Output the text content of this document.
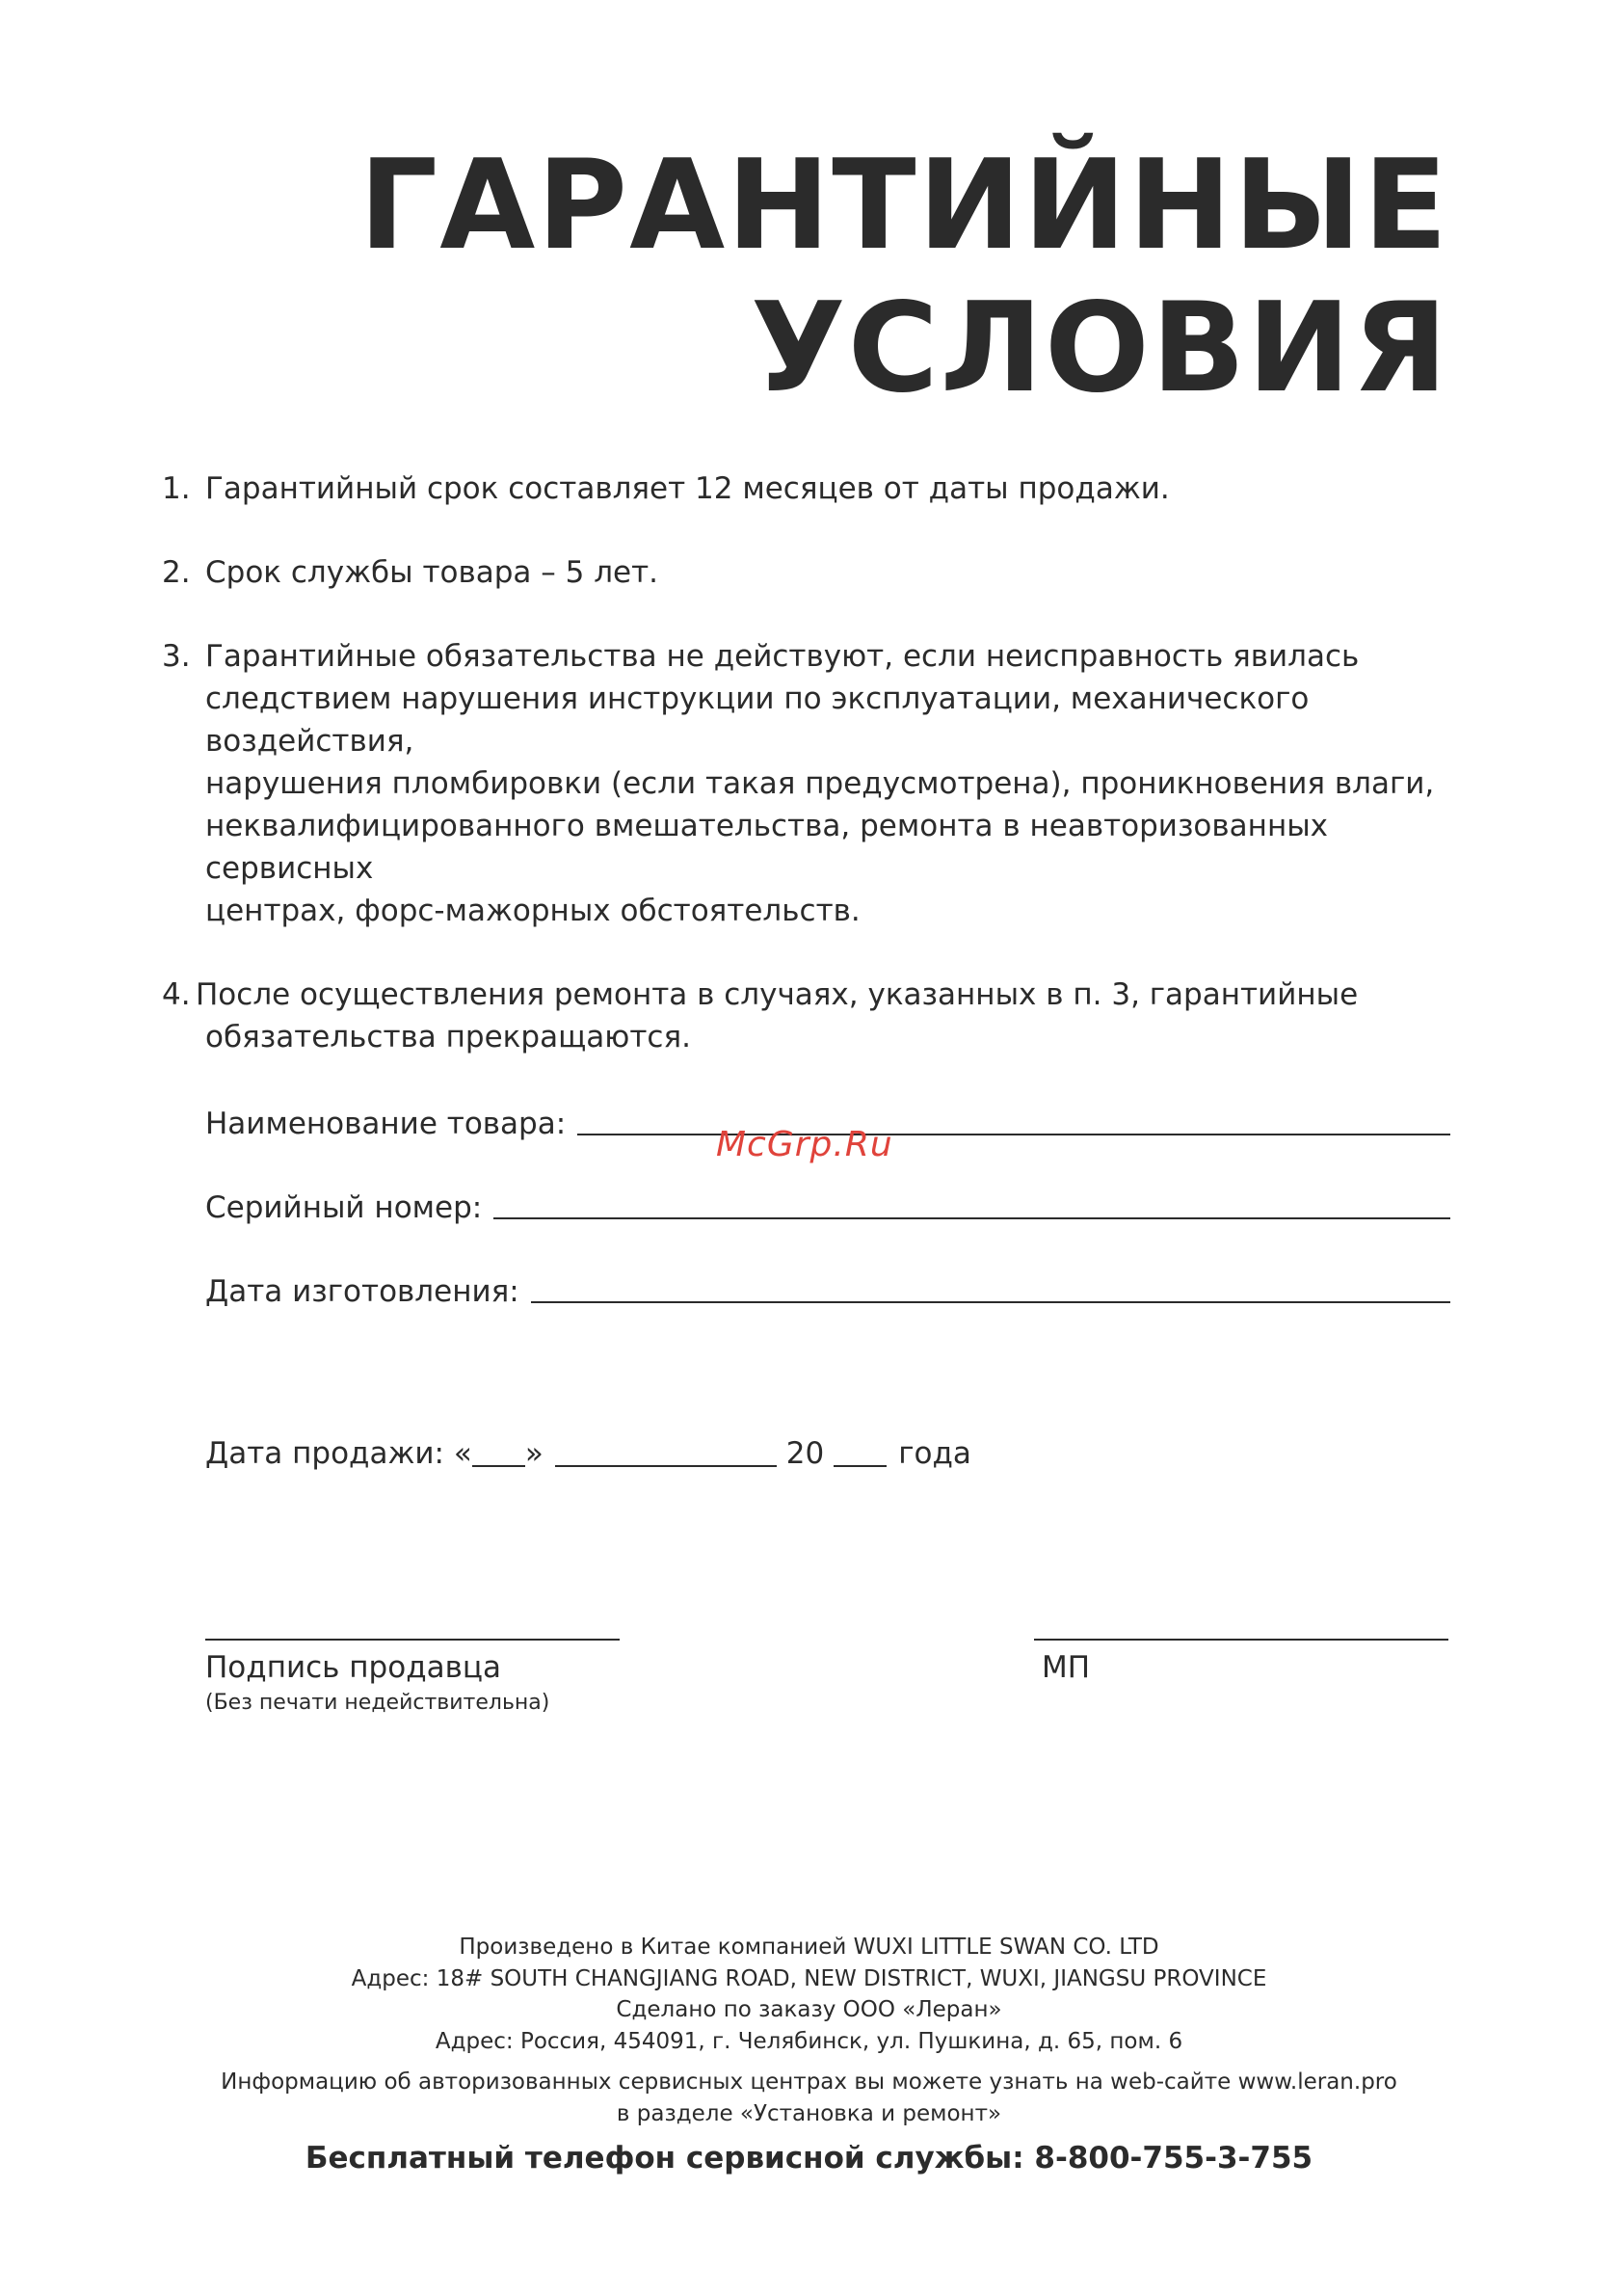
ГАРАНТИЙНЫЕ
УСЛОВИЯ
1. Гарантийный срок составляет 12 месяцев от даты продажи.
2. Срок службы товара – 5 лет.
3. Гарантийные обязательства не действуют, если неисправность явилась
следствием нарушения инструкции по эксплуатации, механического воздействия,
нарушения пломбировки (если такая предусмотрена), проникновения влаги,
неквалифицированного вмешательства, ремонта в неавторизованных сервисных
центрах, форс-мажорных обстоятельств.
4. После осуществления ремонта в случаях, указанных в п. 3, гарантийные
обязательства прекращаются.
Наименование товара:
Серийный номер:
Дата изготовления:
McGrp.Ru
Дата продажи: « »	20 года
Подпись продавца
(Без печати недействительна)
МП
Произведено в Китае компанией WUXI LITTLE SWAN CO. LTD
Адрес: 18# SOUTH CHANGJIANG ROAD, NEW DISTRICT, WUXI, JIANGSU PROVINCE
Сделано по заказу ООО «Леран»
Адрес: Россия, 454091, г. Челябинск, ул. Пушкина, д. 65, пом. 6
Информацию об авторизованных сервисных центрах вы можете узнать на web-сайте www.leran.pro
в разделе «Установка и ремонт»
Бесплатный телефон сервисной службы: 8-800-755-3-755
